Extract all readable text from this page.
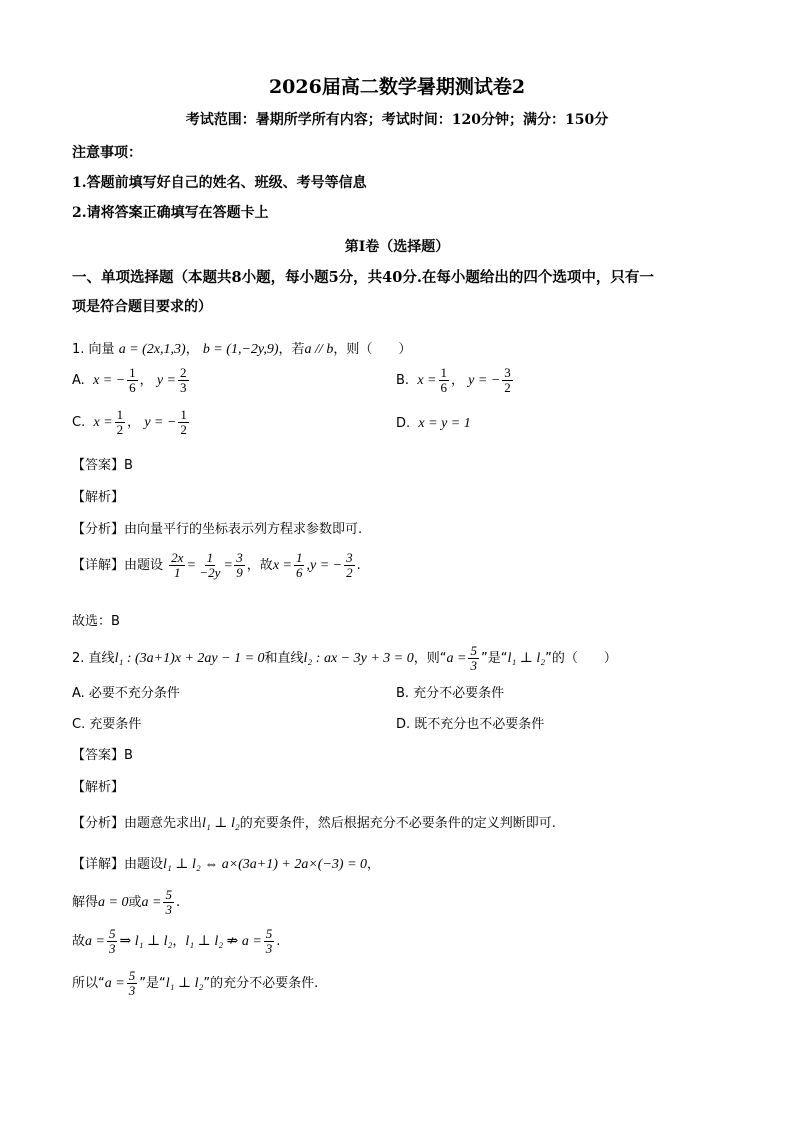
2026届高二数学暑期测试卷2
考试范围：暑期所学所有内容；考试时间：120分钟；满分：150分
注意事项：
1.答题前填写好自己的姓名、班级、考号等信息
2.请将答案正确填写在答题卡上
第I卷（选择题）
一、单项选择题（本题共8小题，每小题5分，共40分.在每小题给出的四个选项中，只有一
项是符合题目要求的）
1. 向量 a = (2x,1,3)， b = (1,−2y,9)，若a // b，则（　　）
A. x = − $\frac{1}{6}$ ， $y = \frac{2}{3}$	B. $x = \frac{1}{6}$ ， y = − $\frac{3}{2}$
C. $x = \frac{1}{2}$ ， y = − $\frac{1}{2}$	D. x = y = 1
【答案】B
【解析】
【分析】由向量平行的坐标表示列方程求参数即可.
【详解】由题设 $\frac{2x}{1} = \frac{1}{-2y} = \frac{3}{9}$ ，故$x = \frac{1}{6} ,y$ = − $\frac{3}{2}$ .
故选：B
2. 直线l₁ : (3a+1)x + 2ay − 1 = 0和直线l₂ : ax − 3y + 3 = 0，则“$a = \frac{5}{3}$ ”是“l₁ ⊥ l₂”的（　　）
A. 必要不充分条件	B. 充分不必要条件
C. 充要条件	D. 既不充分也不必要条件
【答案】B
【解析】
【分析】由题意先求出l₁ ⊥ l₂的充要条件，然后根据充分不必要条件的定义判断即可.
【详解】由题设l₁ ⊥ l₂ ⇔ a×(3a+1) + 2a×(−3) = 0，
解得a = 0或$a = \frac{5}{3}$ .
故$a = \frac{5}{3}$ ⇒ l₁ ⊥ l₂，l₁ ⊥ l₂ ⇏ $a = \frac{5}{3}$ .
所以“$a = \frac{5}{3}$ ”是“l₁ ⊥ l₂”的充分不必要条件.
